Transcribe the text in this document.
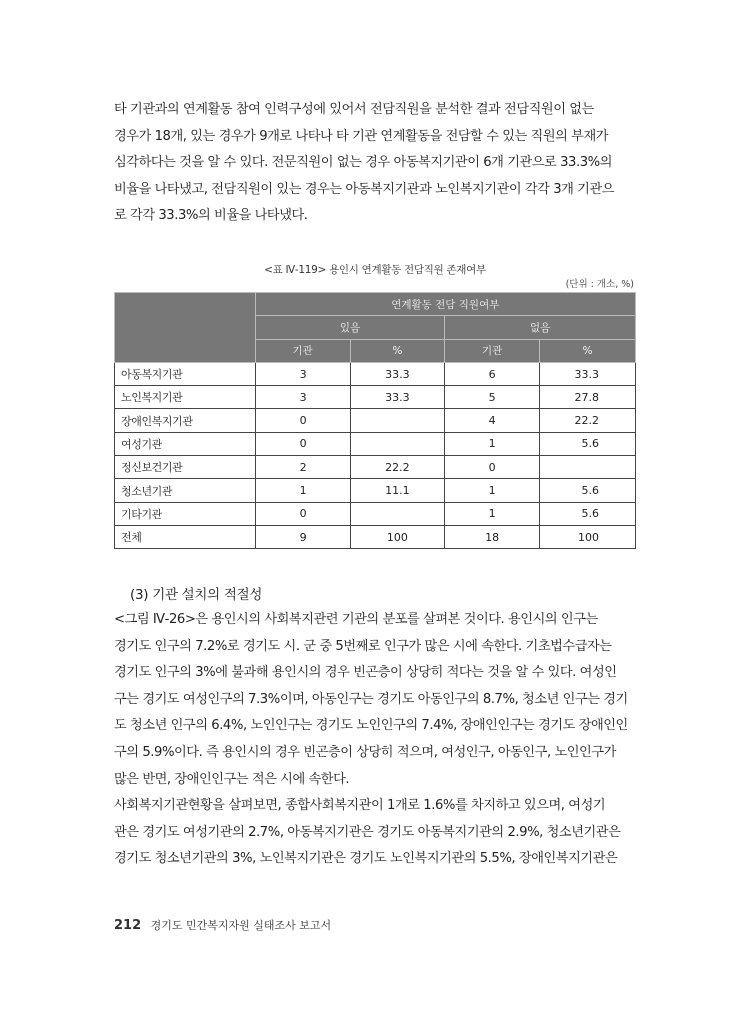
타 기관과의 연계활동 참여 인력구성에 있어서 전담직원을 분석한 결과 전담직원이 없는
경우가 18개, 있는 경우가 9개로 나타나 타 기관 연계활동을 전담할 수 있는 직원의 부재가
심각하다는 것을 알 수 있다. 전문직원이 없는 경우 아동복지기관이 6개 기관으로 33.3%의
비율을 나타냈고, 전담직원이 있는 경우는 아동복지기관과 노인복지기관이 각각 3개 기관으
로 각각 33.3%의 비율을 나타냈다.
<표 Ⅳ-119> 용인시 연계활동 전담직원 존재여부
(단위 : 개소, %)
	연계활동 전담 직원여부			
	있음		없음	
	기관	%	기관	%
아동복지기관	3	33.3	6	33.3
노인복지기관	3	33.3	5	27.8
장애인복지기관	0		4	22.2
여성기관	0		1	5.6
정신보건기관	2	22.2	0	
청소년기관	1	11.1	1	5.6
기타기관	0		1	5.6
전체	9	100	18	100
(3) 기관 설치의 적절성
<그림 Ⅳ-26>은 용인시의 사회복지관련 기관의 분포를 살펴본 것이다. 용인시의 인구는
경기도 인구의 7.2%로 경기도 시. 군 중 5번째로 인구가 많은 시에 속한다. 기초법수급자는
경기도 인구의 3%에 불과해 용인시의 경우 빈곤층이 상당히 적다는 것을 알 수 있다. 여성인
구는 경기도 여성인구의 7.3%이며, 아동인구는 경기도 아동인구의 8.7%, 청소년 인구는 경기
도 청소년 인구의 6.4%, 노인인구는 경기도 노인인구의 7.4%, 장애인인구는 경기도 장애인인
구의 5.9%이다. 즉 용인시의 경우 빈곤층이 상당히 적으며, 여성인구, 아동인구, 노인인구가
많은 반면, 장애인인구는 적은 시에 속한다.
사회복지기관현황을 살펴보면, 종합사회복지관이 1개로 1.6%를 차지하고 있으며, 여성기
관은 경기도 여성기관의 2.7%, 아동복지기관은 경기도 아동복지기관의 2.9%, 청소년기관은
경기도 청소년기관의 3%, 노인복지기관은 경기도 노인복지기관의 5.5%, 장애인복지기관은
212 경기도 민간복지자원 실태조사 보고서
